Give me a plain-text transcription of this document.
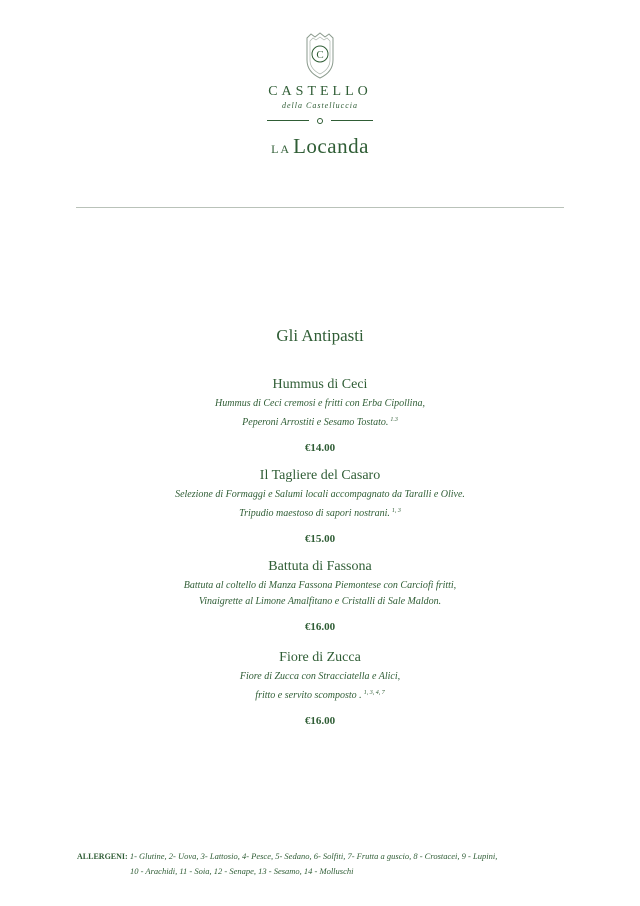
C
CASTELLO
della Castelluccia
LALocanda
Gli Antipasti
Hummus di Ceci
Hummus di Ceci cremosi e fritti con Erba Cipollina,
Peperoni Arrostiti e Sesamo Tostato. $^{1.3}$
€14.00
Il Tagliere del Casaro
Selezione di Formaggi e Salumi locali accompagnato da Taralli e Olive.
Tripudio maestoso di sapori nostrani. $^{1, 3}$
€15.00
Battuta di Fassona
Battuta al coltello di Manza Fassona Piemontese con Carciofi fritti,
Vinaigrette al Limone Amalfitano e Cristalli di Sale Maldon.
€16.00
Fiore di Zucca
Fiore di Zucca con Stracciatella e Alici,
fritto e servito scomposto . $^{1, 3, 4, 7}$
€16.00
ALLERGENI: 1- Glutine, 2- Uova, 3- Lattosio, 4- Pesce, 5- Sedano, 6- Solfiti, 7- Frutta a guscio, 8 - Crostacei, 9 - Lupini,
10 - Arachidi, 11 - Soia, 12 - Senape, 13 - Sesamo, 14 - Molluschi
